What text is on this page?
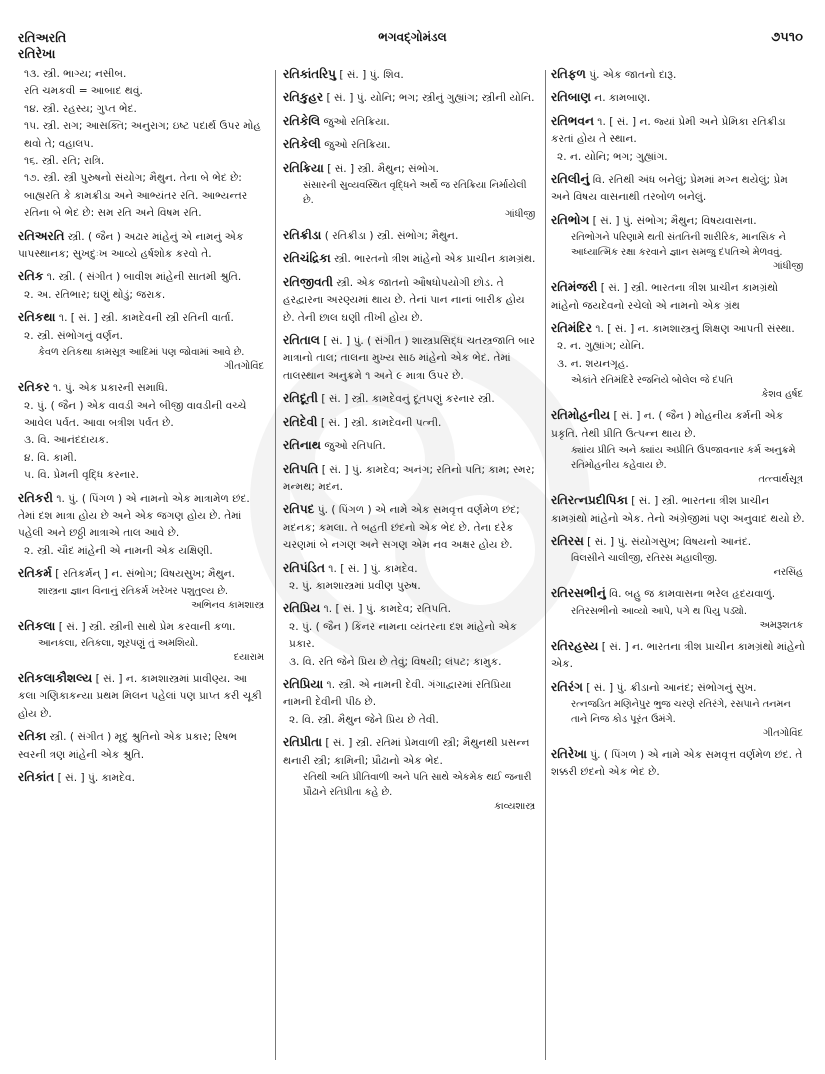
રતિઅરતિ
રતિરેખા
ભગવદ્ગોમંડલ	૭૫૧૦
૧૩. સ્ત્રી. ભાગ્ય; નસીબ.
રતિ ચમકવી = આબાદ થવું.
૧૪. સ્ત્રી. રહસ્ય; ગુપ્ત ભેદ.
૧૫. સ્ત્રી. રાગ; આસક્તિ; અનુરાગ; ઇષ્ટ પદાર્થ ઉપર મોહ થવો તે; વહાલપ.
૧૬. સ્ત્રી. રતિ; રાત્રિ.
૧૭. સ્ત્રી. સ્ત્રી પુરુષનો સંયોગ; મૈથુન. તેના બે ભેદ છે: બાહ્યરતિ કે કામક્રીડા અને આભ્યંતર રતિ. આભ્યન્તર રતિના બે ભેદ છે: સમ રતિ અને વિષમ રતિ.
રતિઅરતિ સ્ત્રી. ( જૈન ) અઢાર માંહેનું એ નામનું એક પાપસ્થાનક; સુખદુઃખ આવ્યે હર્ષશોક કરવો તે.
રતિક ૧. સ્ત્રી. ( સંગીત ) બાવીશ માંહેની સાતમી શ્રુતિ.
૨. અ. રતિભાર; ઘણું થોડું; જરાક.
રતિકથા ૧. [ સં. ] સ્ત્રી. કામદેવની સ્ત્રી રતિની વાર્તા.
૨. સ્ત્રી. સંભોગનું વર્ણન.
કેવળ રતિકથા કામસૂત્ર આદિમાં પણ જોવામાં આવે છે.
ગીતગોવિંદ
રતિકર ૧. પું. એક પ્રકારની સમાધિ.
૨. પું. ( જૈન ) એક વાવડી અને બીજી વાવડીની વચ્ચે આવેલ પર્વત. આવા બત્રીશ પર્વત છે.
૩. વિ. આનંદદાયક.
૪. વિ. કામી.
૫. વિ. પ્રેમની વૃદ્ધિ કરનાર.
રતિકરી ૧. પું. ( પિંગળ ) એ નામનો એક માત્રામેળ છંદ. તેમાં દશ માત્રા હોય છે અને એક જગણ હોય છે. તેમાં પહેલી અને છઠ્ઠી માત્રાએ તાલ આવે છે.
૨. સ્ત્રી. ચૌદ માંહેની એ નામની એક યક્ષિણી.
રતિકર્મ [ રતિકર્મન્ ] ન. સંભોગ; વિષયસુખ; મૈથુન.
શાસ્ત્રના જ્ઞાન વિનાનું રતિકર્મ ખરેખર પશુતુલ્ય છે.
અભિનવ કામશાસ્ત્ર
રતિકલા [ સં. ] સ્ત્રી. સ્ત્રીની સાથે પ્રેમ કરવાની કળા.
આનકલા, રતિકલા, શૂરપણું તું અમશિયો.
દયારામ
રતિકલાકૌશલ્ય [ સં. ] ન. કામશાસ્ત્રમાં પ્રાવીણ્ય. આ કલા ગણિકાકન્યા પ્રથમ મિલન પહેલાં પણ પ્રાપ્ત કરી ચૂકી હોય છે.
રતિકા સ્ત્રી. ( સંગીત ) મૃદુ શ્રુતિનો એક પ્રકાર; રિષભ સ્વરની ત્રણ માંહેની એક શ્રુતિ.
રતિકાંત [ સં. ] પું. કામદેવ.
રતિકાંતરિપુ [ સં. ] પું. શિવ.
રતિકુહર [ સં. ] પું. યોનિ; ભગ; સ્ત્રીનું ગુહ્યાંગ; સ્ત્રીની યોનિ.
રતિકેલિ જુઓ રતિક્રિયા.
રતિકેલી જુઓ રતિક્રિયા.
રતિક્રિયા [ સં. ] સ્ત્રી. મૈથુન; સંભોગ.
સંસારની સુવ્યવસ્થિત વૃદ્ધિને અર્થે જ રતિક્રિયા નિર્માયેલી છે.
ગાંધીજી
રતિક્રીડા ( રતિક્રીડા ) સ્ત્રી. સંભોગ; મૈથુન.
રતિચંદ્રિકા સ્ત્રી. ભારતનો ત્રીશ માંહેનો એક પ્રાચીન કામગ્રંથ.
રતિજીવતી સ્ત્રી. એક જાતનો ઔષધોપયોગી છોડ. તે હરદ્વારના અરણ્યમાં થાય છે. તેનાં પાન નાનાં બારીક હોય છે. તેની છાલ ઘણી તીખી હોય છે.
રતિતાલ [ સં. ] પું. ( સંગીત ) શાસ્ત્રપ્રસિદ્ધ ચતસ્ત્રજાતિ બાર માત્રાનો તાલ; તાલના મુખ્ય સાઠ માંહેનો એક ભેદ. તેમાં તાલસ્થાન અનુક્રમે ૧ અને ૯ માત્રા ઉપર છે.
રતિદૂતી [ સં. ] સ્ત્રી. કામદેવનું દૂતપણું કરનાર સ્ત્રી.
રતિદેવી [ સં. ] સ્ત્રી. કામદેવની પત્ની.
રતિનાથ જુઓ રતિપતિ.
રતિપતિ [ સં. ] પું. કામદેવ; અનંગ; રતિનો પતિ; કામ; સ્મર; મન્મથ; મદન.
રતિપદ પું. ( પિંગળ ) એ નામે એક સમવૃત્ત વર્ણમેળ છંદ; મદનક; કમલા. તે બહતી છંદનો એક ભેદ છે. તેના દરેક ચરણમાં બે નગણ અને સગણ એમ નવ અક્ષર હોય છે.
રતિપંડિત ૧. [ સં. ] પું. કામદેવ.
૨. પું. કામશાસ્ત્રમાં પ્રવીણ પુરુષ.
રતિપ્રિય ૧. [ સં. ] પું. કામદેવ; રતિપતિ.
૨. પું. ( જૈન ) કિંનર નામના વ્યંતરના દશ માંહેનો એક પ્રકાર.
૩. વિ. રતિ જેને પ્રિય છે તેવું; વિષયી; લંપટ; કામુક.
રતિપ્રિયા ૧. સ્ત્રી. એ નામની દેવી. ગંગાદ્વારમાં રતિપ્રિયા નામની દેવીની પીઠ છે.
૨. વિ. સ્ત્રી. મૈથુન જેને પ્રિય છે તેવી.
રતિપ્રીતા [ સં. ] સ્ત્રી. રતિમાં પ્રેમવાળી સ્ત્રી; મૈથુનથી પ્રસન્ન થનારી સ્ત્રી; કામિની; પ્રૌઢાનો એક ભેદ.
રતિથી અતિ પ્રીતિવાળી અને પતિ સાથે એકમેક થઈ જનારી પ્રૌઢાને રતિપ્રીતા કહે છે.
કાવ્યશાસ્ત્ર
રતિફળ પું. એક જાતનો દારૂ.
રતિબાણ ન. કામબાણ.
રતિભવન ૧. [ સં. ] ન. જ્યાં પ્રેમી અને પ્રેમિકા રતિક્રીડા કરતાં હોય તે સ્થાન.
૨. ન. યોનિ; ભગ; ગુહ્યાંગ.
રતિલીનું વિ. રતિથી અંધ બનેલું; પ્રેમમાં મગ્ન થયેલું; પ્રેમ અને વિષય વાસનાથી તરબોળ બનેલું.
રતિભોગ [ સં. ] પું. સંભોગ; મૈથુન; વિષયવાસના.
રતિભોગને પરિણામે થતી સંતતિની શારીરિક, માનસિક ને આધ્યાત્મિક રક્ષા કરવાને જ્ઞાન સમજુ દંપતિએ મેળવવું.
ગાંધીજી
રતિમંજરી [ સં. ] સ્ત્રી. ભારતના ત્રીશ પ્રાચીન કામગ્રંથો માંહેનો જયદેવનો રચેલો એ નામનો એક ગ્રંથ
રતિમંદિર ૧. [ સં. ] ન. કામશાસ્ત્રનું શિક્ષણ આપતી સંસ્થા.
૨. ન. ગુહ્યાંગ; યોનિ.
૩. ન. શયનગૃહ.
એકાંતે રતિમંદિરે રજનિયે બોલેલ જે દંપતિ
કેશવ હર્ષદ
રતિમોહનીય [ સં. ] ન. ( જૈન ) મોહનીય કર્મની એક પ્રકૃતિ. તેથી પ્રીતિ ઉત્પન્ન થાય છે.
ક્યાંય પ્રીતિ અને ક્યાંય અપ્રીતિ ઉપજાવનાર કર્મ અનુક્રમે રતિમોહનીય કહેવાય છે.
તત્ત્વાર્થસૂત્ર
રતિરત્નપ્રદીપિકા [ સં. ] સ્ત્રી. ભારતના ત્રીશ પ્રાચીન કામગ્રંથો માંહેનો એક. તેનો અંગ્રેજીમાં પણ અનુવાદ થયો છે.
રતિરસ [ સં. ] પું. સંયોગસુખ; વિષયનો આનંદ.
વિલસીને ચાલીજી, રતિરસ મહાલીજી.
નરસિંહ
રતિરસભીનું વિ. બહુ જ કામવાસના ભરેલ હૃદયવાળું.
રતિરસભીનો આવ્યો આપે, પગે થ પિયુ પડ્યો.
અમરૂશતક
રતિરહસ્ય [ સં. ] ન. ભારતના ત્રીશ પ્રાચીન કામગ્રંથો માંહેનો એક.
રતિરંગ [ સં. ] પું. ક્રીડાનો આનંદ; સંભોગનું સુખ.
રત્નજડિત મણિનેપુર ભુજ ચરણે રતિરંગે, રસપાને તનમન તાને નિજ કોડ પૂરંત ઉમંગે.
ગીતગોવિંદ
રતિરેખા પું. ( પિંગળ ) એ નામે એક સમવૃત્ત વર્ણમેળ છંદ. તે શક્કરી છંદનો એક ભેદ છે.
